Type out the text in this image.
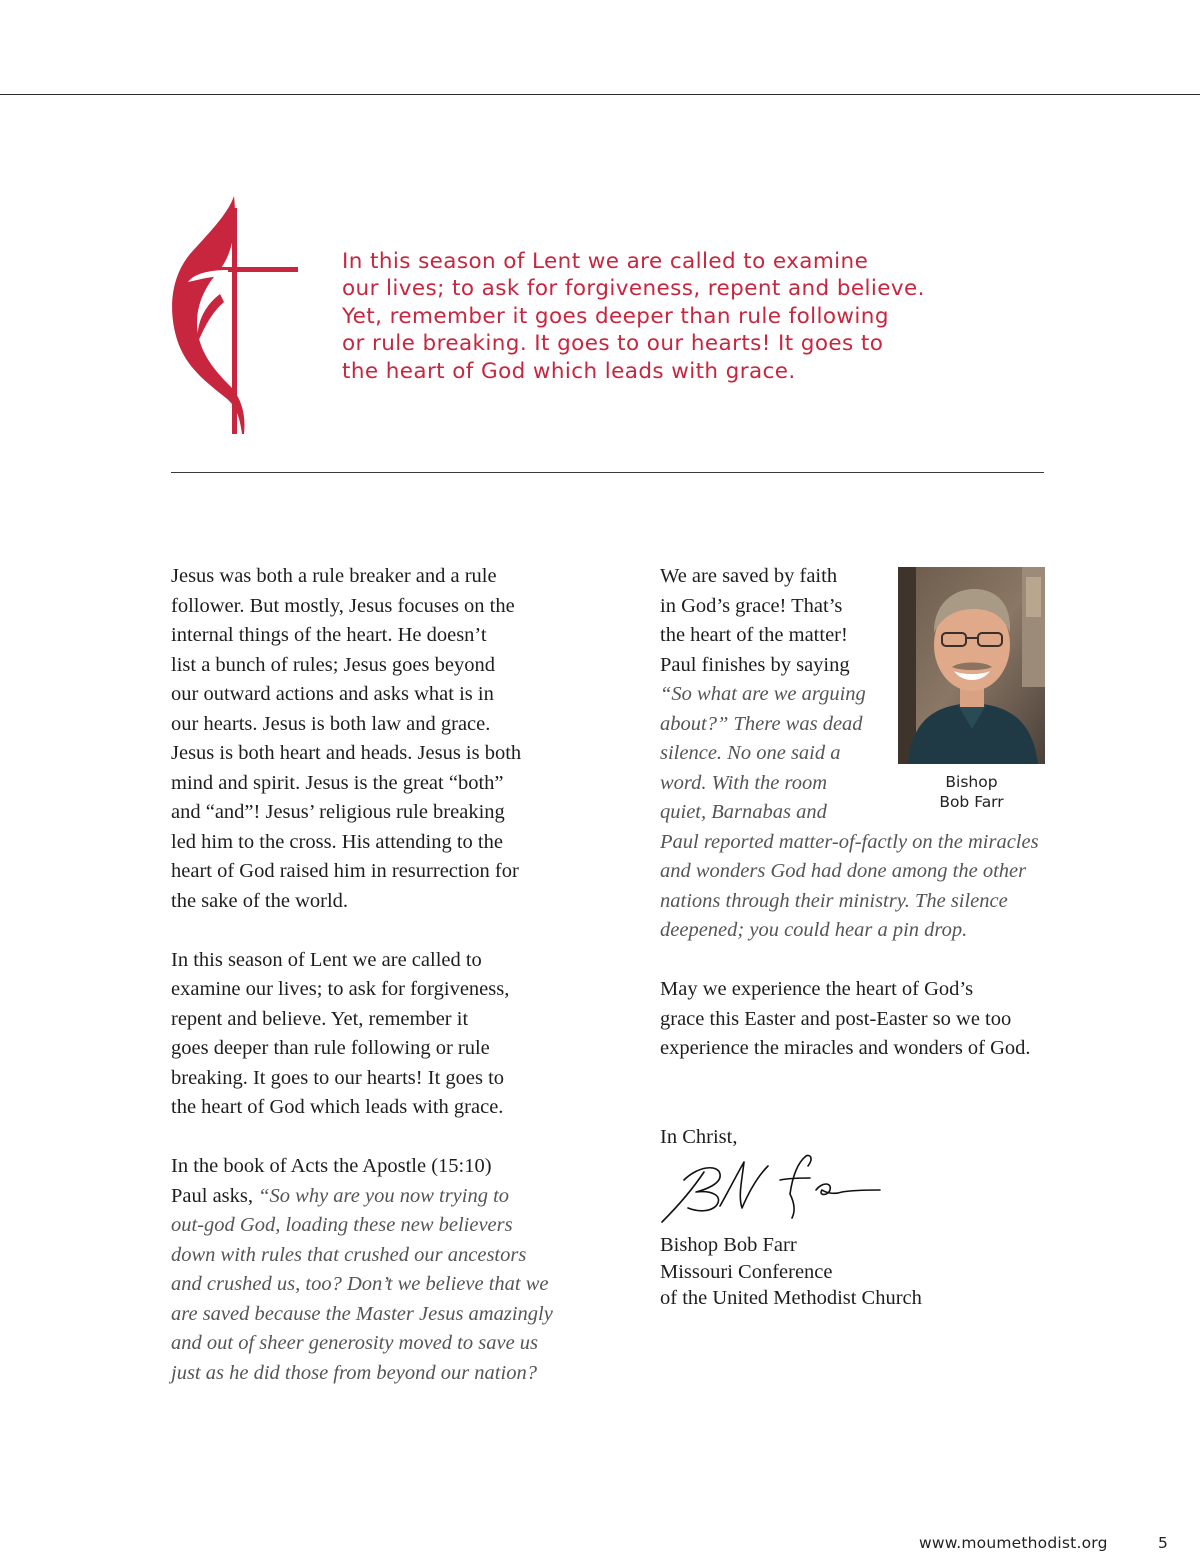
In this season of Lent we are called to examine
our lives; to ask for forgiveness, repent and believe.
Yet, remember it goes deeper than rule following
or rule breaking. It goes to our hearts! It goes to
the heart of God which leads with grace.

Jesus was both a rule breaker and a rule
follower. But mostly, Jesus focuses on the
internal things of the heart. He doesn’t
list a bunch of rules; Jesus goes beyond
our outward actions and asks what is in
our hearts. Jesus is both law and grace.
Jesus is both heart and heads. Jesus is both
mind and spirit. Jesus is the great “both”
and “and”! Jesus’ religious rule breaking
led him to the cross. His attending to the
heart of God raised him in resurrection for
the sake of the world.

In this season of Lent we are called to
examine our lives; to ask for forgiveness,
repent and believe. Yet, remember it
goes deeper than rule following or rule
breaking. It goes to our hearts! It goes to
the heart of God which leads with grace.

In the book of Acts the Apostle (15:10)
Paul asks, “So why are you now trying to
out-god God, loading these new believers
down with rules that crushed our ancestors
and crushed us, too? Don’t we believe that we
are saved because the Master Jesus amazingly
and out of sheer generosity moved to save us
just as he did those from beyond our nation?

We are saved by faith
in God’s grace! That’s
the heart of the matter!
Paul finishes by saying
“So what are we arguing
about?” There was dead
silence. No one said a
word. With the room
quiet, Barnabas and
Paul reported matter-of-factly on the miracles
and wonders God had done among the other
nations through their ministry. The silence
deepened; you could hear a pin drop.

May we experience the heart of God’s
grace this Easter and post-Easter so we too
experience the miracles and wonders of God.

Bishop
Bob Farr
In Christ,
Bishop Bob Farr
Missouri Conference
of the United Methodist Church
www.moumethodist.org	5
